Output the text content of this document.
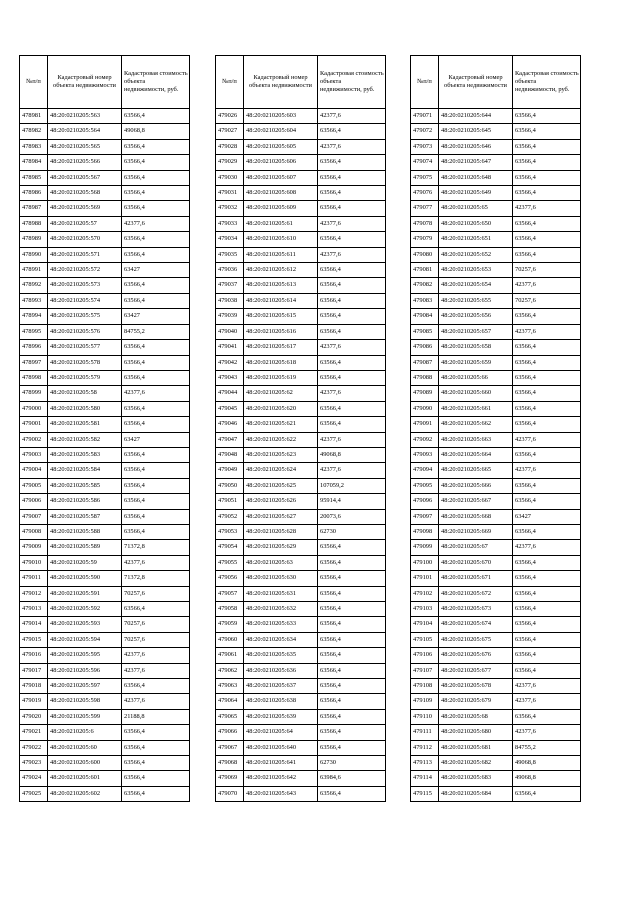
№п/п	Кадастровый номер объекта недвижимости	Кадастровая стоимость объекта недвижимости, руб.
478981	48:20:0210205:563	63566,4
478982	48:20:0210205:564	49068,8
478983	48:20:0210205:565	63566,4
478984	48:20:0210205:566	63566,4
478985	48:20:0210205:567	63566,4
478986	48:20:0210205:568	63566,4
478987	48:20:0210205:569	63566,4
478988	48:20:0210205:57	42377,6
478989	48:20:0210205:570	63566,4
478990	48:20:0210205:571	63566,4
478991	48:20:0210205:572	63427
478992	48:20:0210205:573	63566,4
478993	48:20:0210205:574	63566,4
478994	48:20:0210205:575	63427
478995	48:20:0210205:576	84755,2
478996	48:20:0210205:577	63566,4
478997	48:20:0210205:578	63566,4
478998	48:20:0210205:579	63566,4
478999	48:20:0210205:58	42377,6
479000	48:20:0210205:580	63566,4
479001	48:20:0210205:581	63566,4
479002	48:20:0210205:582	63427
479003	48:20:0210205:583	63566,4
479004	48:20:0210205:584	63566,4
479005	48:20:0210205:585	63566,4
479006	48:20:0210205:586	63566,4
479007	48:20:0210205:587	63566,4
479008	48:20:0210205:588	63566,4
479009	48:20:0210205:589	71372,8
479010	48:20:0210205:59	42377,6
479011	48:20:0210205:590	71372,8
479012	48:20:0210205:591	70257,6
479013	48:20:0210205:592	63566,4
479014	48:20:0210205:593	70257,6
479015	48:20:0210205:594	70257,6
479016	48:20:0210205:595	42377,6
479017	48:20:0210205:596	42377,6
479018	48:20:0210205:597	63566,4
479019	48:20:0210205:598	42377,6
479020	48:20:0210205:599	21188,8
479021	48:20:0210205:6	63566,4
479022	48:20:0210205:60	63566,4
479023	48:20:0210205:600	63566,4
479024	48:20:0210205:601	63566,4
479025	48:20:0210205:602	63566,4
№п/п	Кадастровый номер объекта недвижимости	Кадастровая стоимость объекта недвижимости, руб.
479026	48:20:0210205:603	42377,6
479027	48:20:0210205:604	63566,4
479028	48:20:0210205:605	42377,6
479029	48:20:0210205:606	63566,4
479030	48:20:0210205:607	63566,4
479031	48:20:0210205:608	63566,4
479032	48:20:0210205:609	63566,4
479033	48:20:0210205:61	42377,6
479034	48:20:0210205:610	63566,4
479035	48:20:0210205:611	42377,6
479036	48:20:0210205:612	63566,4
479037	48:20:0210205:613	63566,4
479038	48:20:0210205:614	63566,4
479039	48:20:0210205:615	63566,4
479040	48:20:0210205:616	63566,4
479041	48:20:0210205:617	42377,6
479042	48:20:0210205:618	63566,4
479043	48:20:0210205:619	63566,4
479044	48:20:0210205:62	42377,6
479045	48:20:0210205:620	63566,4
479046	48:20:0210205:621	63566,4
479047	48:20:0210205:622	42377,6
479048	48:20:0210205:623	49068,8
479049	48:20:0210205:624	42377,6
479050	48:20:0210205:625	107059,2
479051	48:20:0210205:626	95914,4
479052	48:20:0210205:627	20073,6
479053	48:20:0210205:628	62730
479054	48:20:0210205:629	63566,4
479055	48:20:0210205:63	63566,4
479056	48:20:0210205:630	63566,4
479057	48:20:0210205:631	63566,4
479058	48:20:0210205:632	63566,4
479059	48:20:0210205:633	63566,4
479060	48:20:0210205:634	63566,4
479061	48:20:0210205:635	63566,4
479062	48:20:0210205:636	63566,4
479063	48:20:0210205:637	63566,4
479064	48:20:0210205:638	63566,4
479065	48:20:0210205:639	63566,4
479066	48:20:0210205:64	63566,4
479067	48:20:0210205:640	63566,4
479068	48:20:0210205:641	62730
479069	48:20:0210205:642	63984,6
479070	48:20:0210205:643	63566,4
№п/п	Кадастровый номер объекта недвижимости	Кадастровая стоимость объекта недвижимости, руб.
479071	48:20:0210205:644	63566,4
479072	48:20:0210205:645	63566,4
479073	48:20:0210205:646	63566,4
479074	48:20:0210205:647	63566,4
479075	48:20:0210205:648	63566,4
479076	48:20:0210205:649	63566,4
479077	48:20:0210205:65	42377,6
479078	48:20:0210205:650	63566,4
479079	48:20:0210205:651	63566,4
479080	48:20:0210205:652	63566,4
479081	48:20:0210205:653	70257,6
479082	48:20:0210205:654	42377,6
479083	48:20:0210205:655	70257,6
479084	48:20:0210205:656	63566,4
479085	48:20:0210205:657	42377,6
479086	48:20:0210205:658	63566,4
479087	48:20:0210205:659	63566,4
479088	48:20:0210205:66	63566,4
479089	48:20:0210205:660	63566,4
479090	48:20:0210205:661	63566,4
479091	48:20:0210205:662	63566,4
479092	48:20:0210205:663	42377,6
479093	48:20:0210205:664	63566,4
479094	48:20:0210205:665	42377,6
479095	48:20:0210205:666	63566,4
479096	48:20:0210205:667	63566,4
479097	48:20:0210205:668	63427
479098	48:20:0210205:669	63566,4
479099	48:20:0210205:67	42377,6
479100	48:20:0210205:670	63566,4
479101	48:20:0210205:671	63566,4
479102	48:20:0210205:672	63566,4
479103	48:20:0210205:673	63566,4
479104	48:20:0210205:674	63566,4
479105	48:20:0210205:675	63566,4
479106	48:20:0210205:676	63566,4
479107	48:20:0210205:677	63566,4
479108	48:20:0210205:678	42377,6
479109	48:20:0210205:679	42377,6
479110	48:20:0210205:68	63566,4
479111	48:20:0210205:680	42377,6
479112	48:20:0210205:681	84755,2
479113	48:20:0210205:682	49068,8
479114	48:20:0210205:683	49068,8
479115	48:20:0210205:684	63566,4
